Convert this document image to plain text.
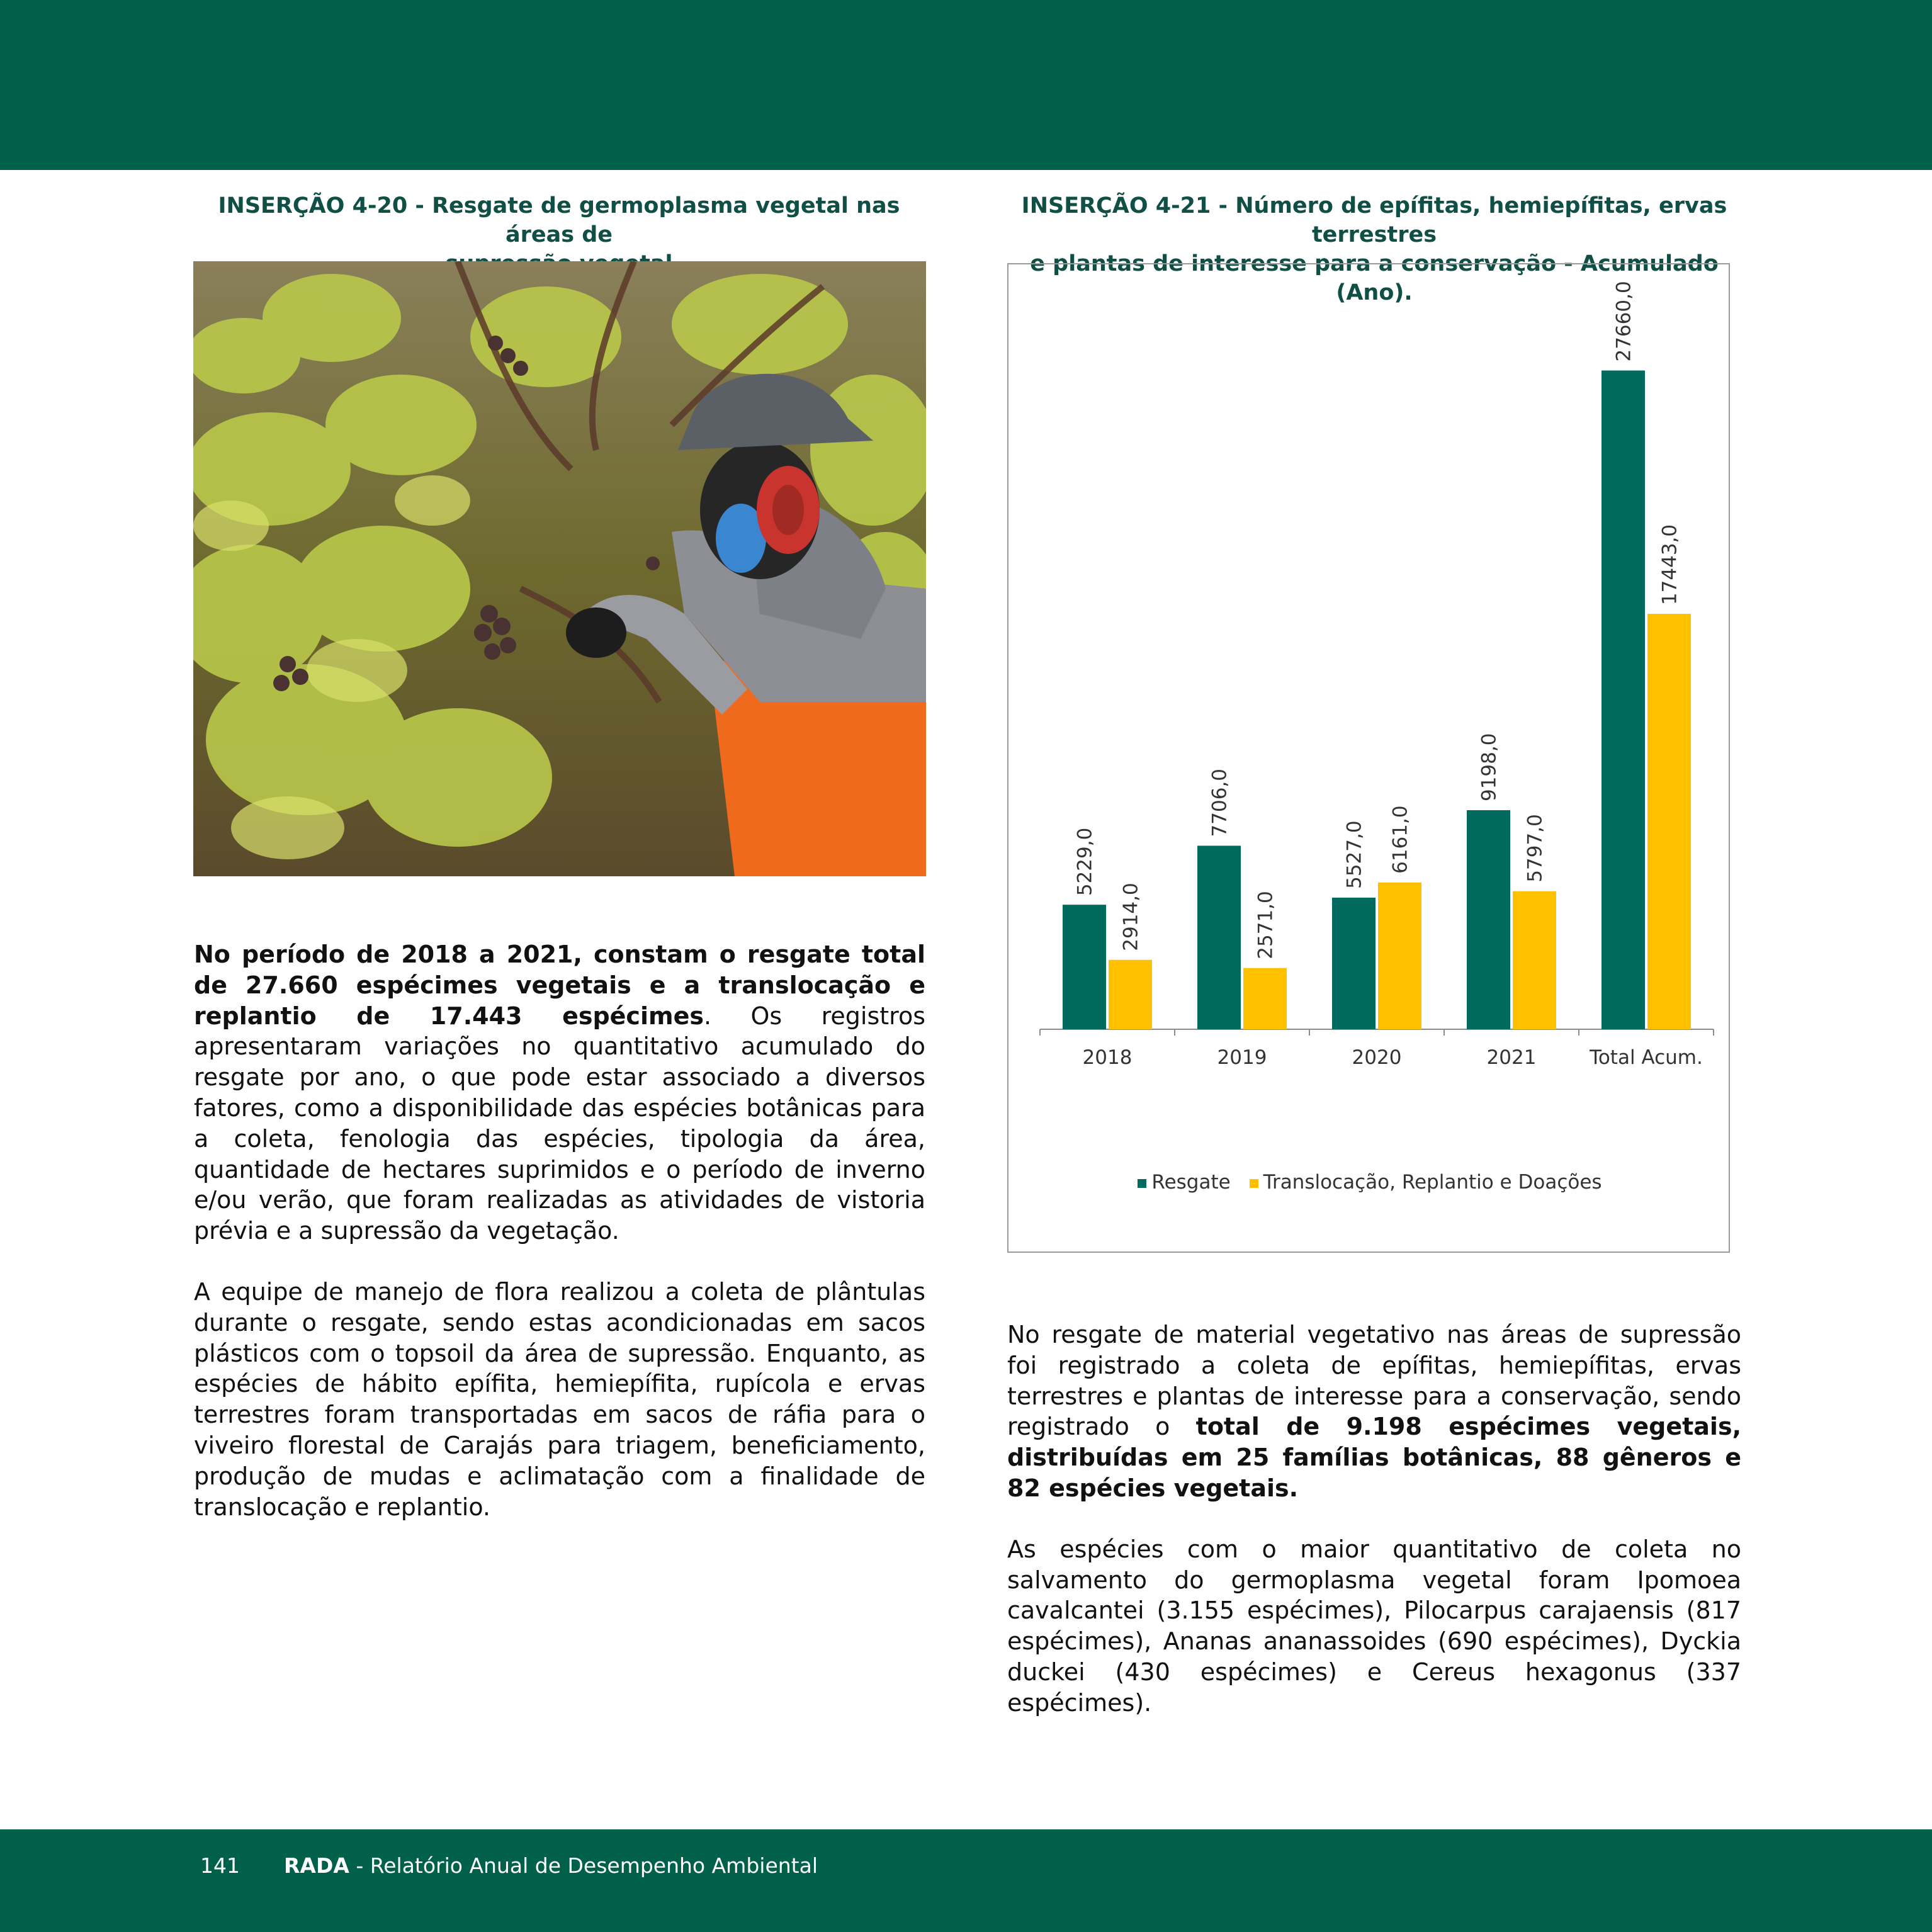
INSERÇÃO 4-20 - Resgate de germoplasma vegetal nas áreas de

INSERÇÃO 4-21 - Número de epífitas, hemiepífitas, ervas terrestres
e plantas de interesse para a conservação - Acumulado (Ano).

No período de 2018 a 2021, constam o resgate total de 27.660 espécimes vegetais e a translocação e replantio de 17.443 espécimes. Os registros apresentaram variações no quantitativo acumulado do resgate por ano, o que pode estar associado a diversos fatores, como a disponibilidade das espécies botânicas para a coleta, fenologia das espécies, tipologia da área, quantidade de hectares suprimidos e o período de inverno e/ou verão, que foram realizadas as atividades de vistoria prévia e a supressão da vegetação.

A equipe de manejo de flora realizou a coleta de plântulas durante o resgate, sendo estas acondicionadas em sacos plásticos com o topsoil da área de supressão. Enquanto, as espécies de hábito epífita, hemiepífita, rupícola e ervas terrestres foram transportadas em sacos de ráfia para o viveiro florestal de Carajás para triagem, beneficiamento, produção de mudas e aclimatação com a finalidade de translocação e replantio.

5229,0
2914,0
2018
7706,0
2571,0
2019
5527,0 6161,0
2020
9198,0
5797,0
2021
27660,0
17443,0
Total Acum.
Resgate Translocação, Replantio e Doações

No resgate de material vegetativo nas áreas de supressão foi registrado a coleta de epífitas, hemiepífitas, ervas terrestres e plantas de interesse para a conservação, sendo registrado o total de 9.198 espécimes vegetais, distribuídas em 25 famílias botânicas, 88 gêneros e 82 espécies vegetais.

As espécies com o maior quantitativo de coleta no salvamento do germoplasma vegetal foram Ipomoea cavalcantei (3.155 espécimes), Pilocarpus carajaensis (817 espécimes), Ananas ananassoides (690 espécimes), Dyckia duckei (430 espécimes) e Cereus hexagonus (337 espécimes).

141 RADA - Relatório Anual de Desempenho Ambiental
